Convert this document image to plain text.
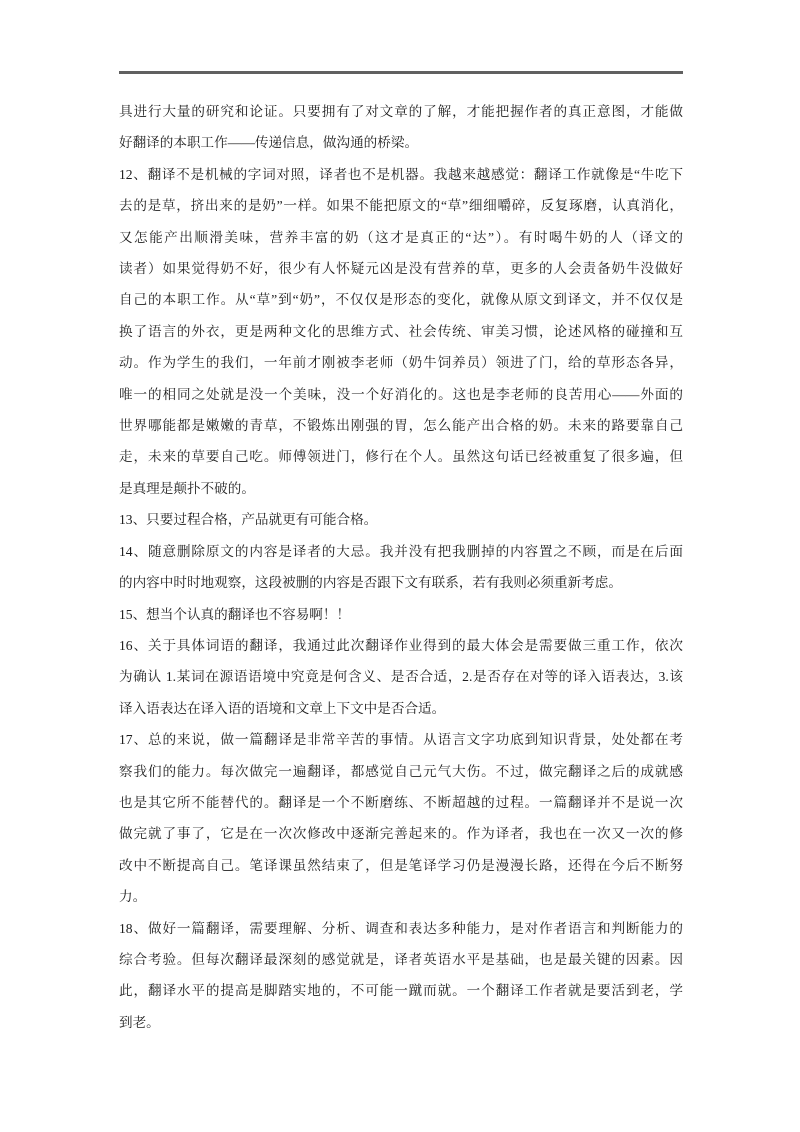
具进行大量的研究和论证。只要拥有了对文章的了解，才能把握作者的真正意图，才能做
好翻译的本职工作——传递信息，做沟通的桥梁。
12、翻译不是机械的字词对照，译者也不是机器。我越来越感觉：翻译工作就像是“牛吃下
去的是草，挤出来的是奶”一样。如果不能把原文的“草”细细嚼碎，反复琢磨，认真消化，
又怎能产出顺滑美味，营养丰富的奶（这才是真正的“达”）。有时喝牛奶的人（译文的
读者）如果觉得奶不好，很少有人怀疑元凶是没有营养的草，更多的人会责备奶牛没做好
自己的本职工作。从“草”到“奶”，不仅仅是形态的变化，就像从原文到译文，并不仅仅是
换了语言的外衣，更是两种文化的思维方式、社会传统、审美习惯，论述风格的碰撞和互
动。作为学生的我们，一年前才刚被李老师（奶牛饲养员）领进了门，给的草形态各异，
唯一的相同之处就是没一个美味，没一个好消化的。这也是李老师的良苦用心——外面的
世界哪能都是嫩嫩的青草，不锻炼出刚强的胃，怎么能产出合格的奶。未来的路要靠自己
走，未来的草要自己吃。师傅领进门，修行在个人。虽然这句话已经被重复了很多遍，但
是真理是颠扑不破的。
13、只要过程合格，产品就更有可能合格。
14、随意删除原文的内容是译者的大忌。我并没有把我删掉的内容置之不顾，而是在后面
的内容中时时地观察，这段被删的内容是否跟下文有联系，若有我则必须重新考虑。
15、想当个认真的翻译也不容易啊！！
16、关于具体词语的翻译，我通过此次翻译作业得到的最大体会是需要做三重工作，依次
为确认 1.某词在源语语境中究竟是何含义、是否合适，2.是否存在对等的译入语表达，3.该
译入语表达在译入语的语境和文章上下文中是否合适。
17、总的来说，做一篇翻译是非常辛苦的事情。从语言文字功底到知识背景，处处都在考
察我们的能力。每次做完一遍翻译，都感觉自己元气大伤。不过，做完翻译之后的成就感
也是其它所不能替代的。翻译是一个不断磨练、不断超越的过程。一篇翻译并不是说一次
做完就了事了，它是在一次次修改中逐渐完善起来的。作为译者，我也在一次又一次的修
改中不断提高自己。笔译课虽然结束了，但是笔译学习仍是漫漫长路，还得在今后不断努
力。
18、做好一篇翻译，需要理解、分析、调查和表达多种能力，是对作者语言和判断能力的
综合考验。但每次翻译最深刻的感觉就是，译者英语水平是基础，也是最关键的因素。因
此，翻译水平的提高是脚踏实地的，不可能一蹴而就。一个翻译工作者就是要活到老，学
到老。
